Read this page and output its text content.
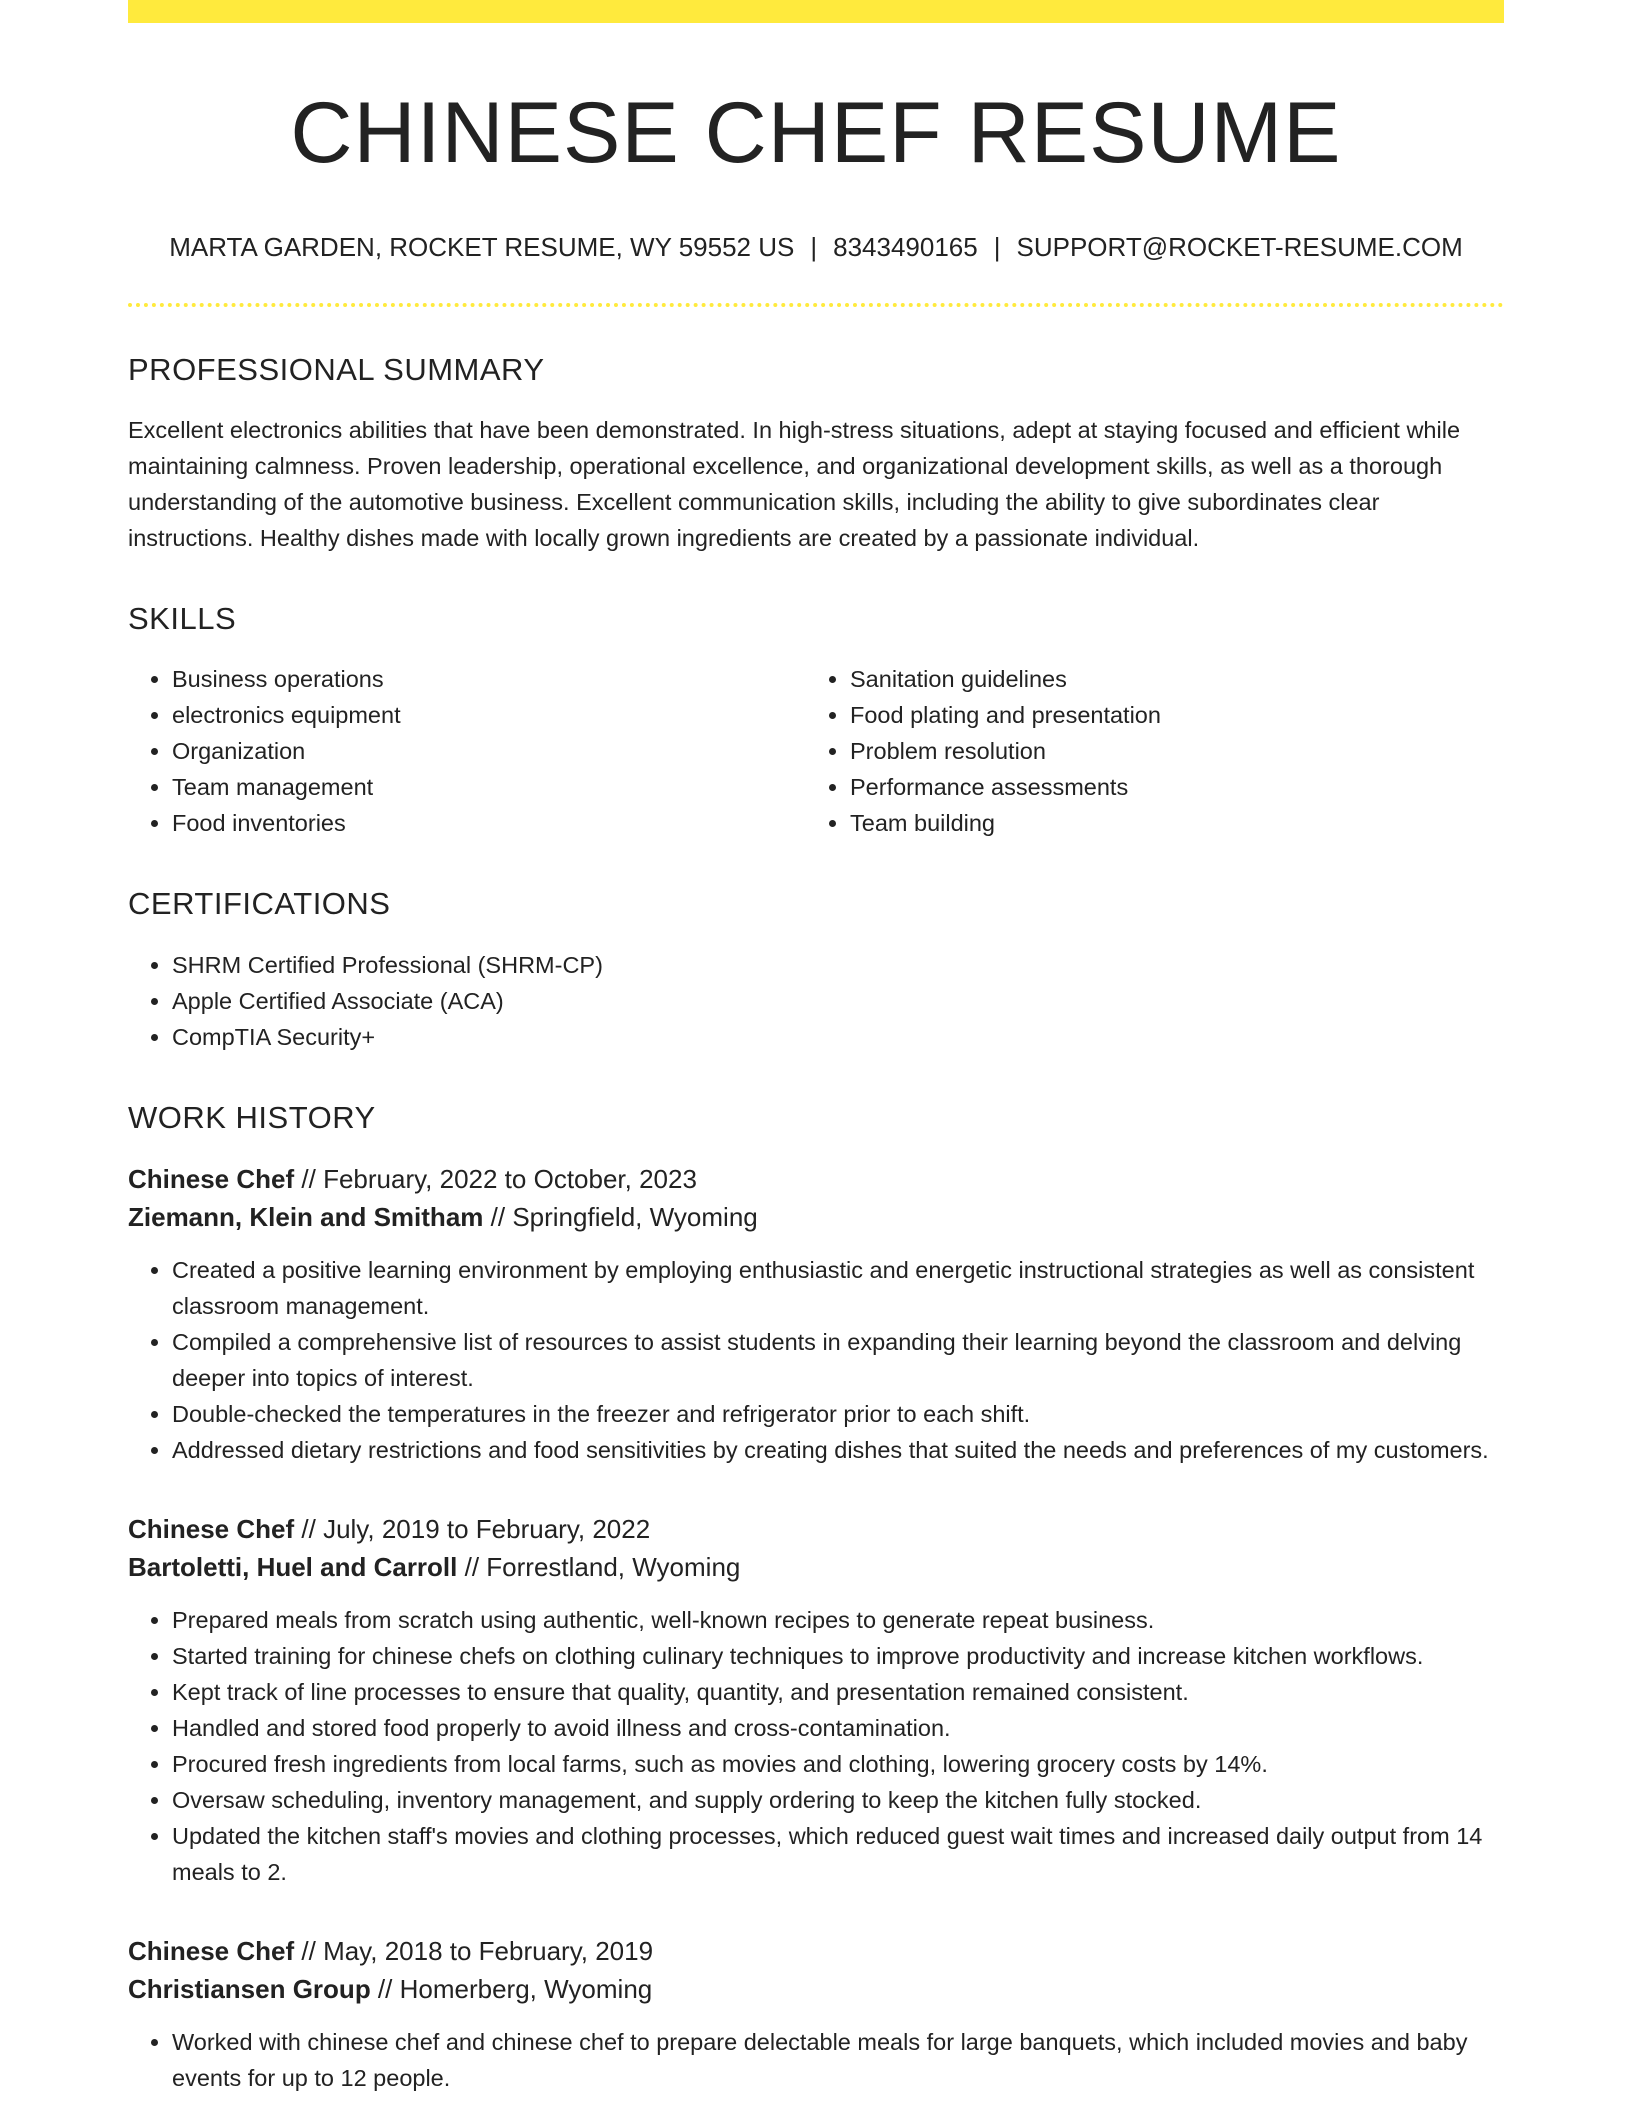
CHINESE CHEF RESUME
MARTA GARDEN, ROCKET RESUME, WY 59552 US | 8343490165 | SUPPORT@ROCKET-RESUME.COM
PROFESSIONAL SUMMARY

Excellent electronics abilities that have been demonstrated. In high-stress situations, adept at staying focused and efficient while maintaining calmness. Proven leadership, operational excellence, and organizational development skills, as well as a thorough understanding of the automotive business. Excellent communication skills, including the ability to give subordinates clear instructions. Healthy dishes made with locally grown ingredients are created by a passionate individual.

SKILLS
• Business operations
• electronics equipment
• Organization
• Team management
• Food inventories
• Sanitation guidelines
• Food plating and presentation
• Problem resolution
• Performance assessments
• Team building
CERTIFICATIONS
• SHRM Certified Professional (SHRM-CP)
• Apple Certified Associate (ACA)
• CompTIA Security+
WORK HISTORY
Chinese Chef // February, 2022 to October, 2023
Ziemann, Klein and Smitham // Springfield, Wyoming
• Created a positive learning environment by employing enthusiastic and energetic instructional strategies as well as consistent classroom management.
• Compiled a comprehensive list of resources to assist students in expanding their learning beyond the classroom and delving deeper into topics of interest.
• Double-checked the temperatures in the freezer and refrigerator prior to each shift.
• Addressed dietary restrictions and food sensitivities by creating dishes that suited the needs and preferences of my customers.
Chinese Chef // July, 2019 to February, 2022
Bartoletti, Huel and Carroll // Forrestland, Wyoming
• Prepared meals from scratch using authentic, well-known recipes to generate repeat business.
• Started training for chinese chefs on clothing culinary techniques to improve productivity and increase kitchen workflows.
• Kept track of line processes to ensure that quality, quantity, and presentation remained consistent.
• Handled and stored food properly to avoid illness and cross-contamination.
• Procured fresh ingredients from local farms, such as movies and clothing, lowering grocery costs by 14%.
• Oversaw scheduling, inventory management, and supply ordering to keep the kitchen fully stocked.
• Updated the kitchen staff's movies and clothing processes, which reduced guest wait times and increased daily output from 14 meals to 2.
Chinese Chef // May, 2018 to February, 2019
Christiansen Group // Homerberg, Wyoming
• Worked with chinese chef and chinese chef to prepare delectable meals for large banquets, which included movies and baby events for up to 12 people.
